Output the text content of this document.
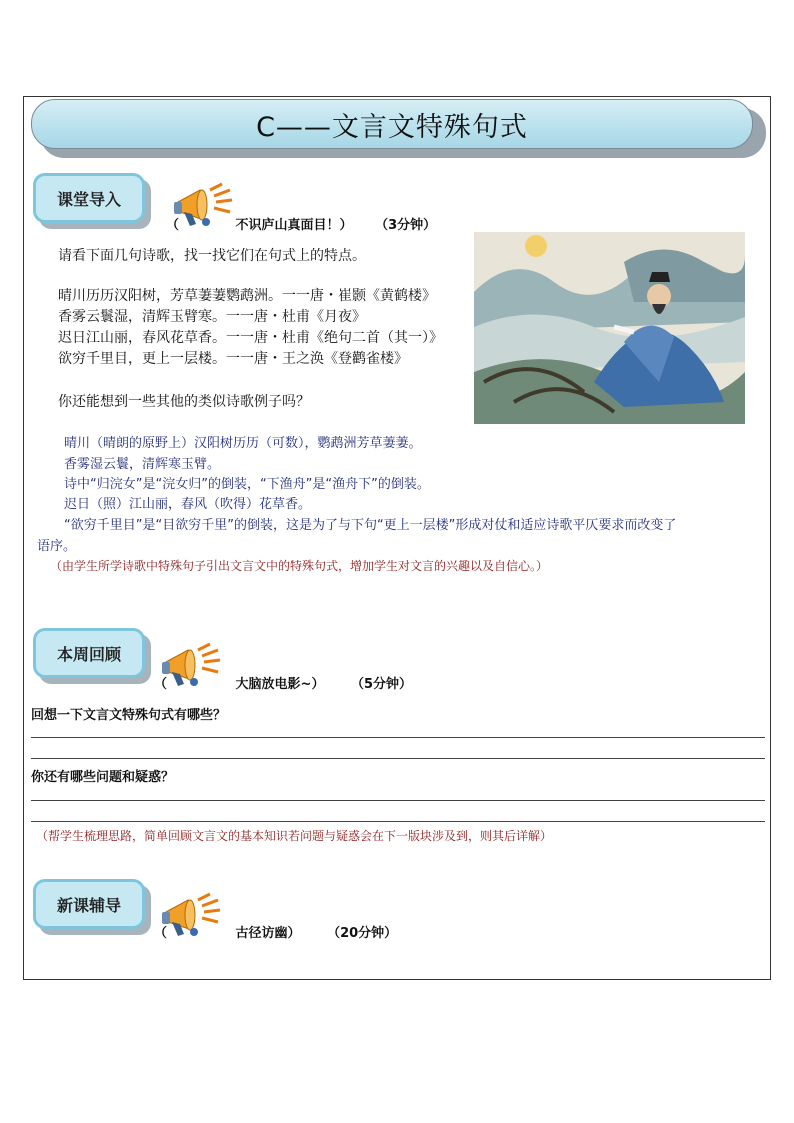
C——文言文特殊句式
课堂导入
（	不识庐山真面目！） （3分钟）
请看下面几句诗歌，找一找它们在句式上的特点。
晴川历历汉阳树，芳草萋萋鹦鹉洲。一一唐・崔颢《黄鹤楼》
香雾云鬟湿，清辉玉臂寒。一一唐・杜甫《月夜》
迟日江山丽，春风花草香。一一唐・杜甫《绝句二首（其一）》
欲穷千里目，更上一层楼。一一唐・王之涣《登鹳雀楼》
你还能想到一些其他的类似诗歌例子吗？
晴川（晴朗的原野上）汉阳树历历（可数），鹦鹉洲芳草萋萋。
香雾湿云鬟，清辉寒玉臂。
诗中“归浣女”是“浣女归”的倒装，“下渔舟”是“渔舟下”的倒装。
迟日（照）江山丽，春风（吹得）花草香。
“欲穷千里目”是“目欲穷千里”的倒装，这是为了与下句“更上一层楼”形成对仗和适应诗歌平仄要求而改变了
语序。
（由学生所学诗歌中特殊句子引出文言文中的特殊句式，增加学生对文言的兴趣以及自信心。）
本周回顾
（	大脑放电影~） （5分钟）
回想一下文言文特殊句式有哪些？
你还有哪些问题和疑惑？
（帮学生梳理思路，简单回顾文言文的基本知识若问题与疑惑会在下一版块涉及到，则其后详解）
新课辅导
（	古径访幽） （20分钟）
